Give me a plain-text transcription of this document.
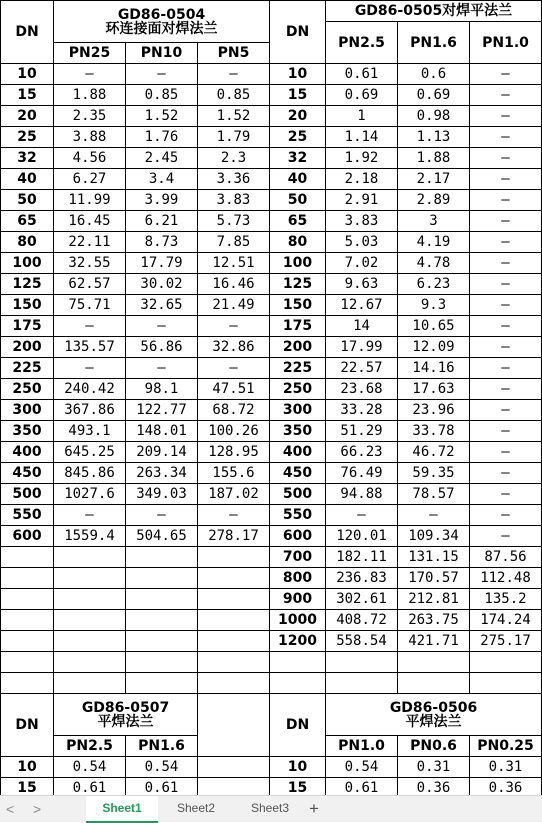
DN	GD86-0504
环连接面对焊法兰			DN	GD86-0505对焊平法兰		
					PN2.5	PN1.6	PN1.0
	PN25	PN10	PN5				
10	—	—	—	10	0.61	0.6	—
15	1.88	0.85	0.85	15	0.69	0.69	—
20	2.35	1.52	1.52	20	1	0.98	—
25	3.88	1.76	1.79	25	1.14	1.13	—
32	4.56	2.45	2.3	32	1.92	1.88	—
40	6.27	3.4	3.36	40	2.18	2.17	—
50	11.99	3.99	3.83	50	2.91	2.89	—
65	16.45	6.21	5.73	65	3.83	3	—
80	22.11	8.73	7.85	80	5.03	4.19	—
100	32.55	17.79	12.51	100	7.02	4.78	—
125	62.57	30.02	16.46	125	9.63	6.23	—
150	75.71	32.65	21.49	150	12.67	9.3	—
175	—	—	—	175	14	10.65	—
200	135.57	56.86	32.86	200	17.99	12.09	—
225	—	—	—	225	22.57	14.16	—
250	240.42	98.1	47.51	250	23.68	17.63	—
300	367.86	122.77	68.72	300	33.28	23.96	—
350	493.1	148.01	100.26	350	51.29	33.78	—
400	645.25	209.14	128.95	400	66.23	46.72	—
450	845.86	263.34	155.6	450	76.49	59.35	—
500	1027.6	349.03	187.02	500	94.88	78.57	—
550	—	—	—	550	—	—	—
600	1559.4	504.65	278.17	600	120.01	109.34	—
				700	182.11	131.15	87.56
				800	236.83	170.57	112.48
				900	302.61	212.81	135.2
				1000	408.72	263.75	174.24
				1200	558.54	421.71	275.17

DN	GD86-0507
平焊法兰			DN	GD86-0506
平焊法兰		

	PN2.5	PN1.6			PN1.0	PN0.6	PN0.25
10	0.54	0.54		10	0.54	0.31	0.31
15	0.61	0.61		15	0.61	0.36	0.36
< >	Sheet1	Sheet2	Sheet3	+
